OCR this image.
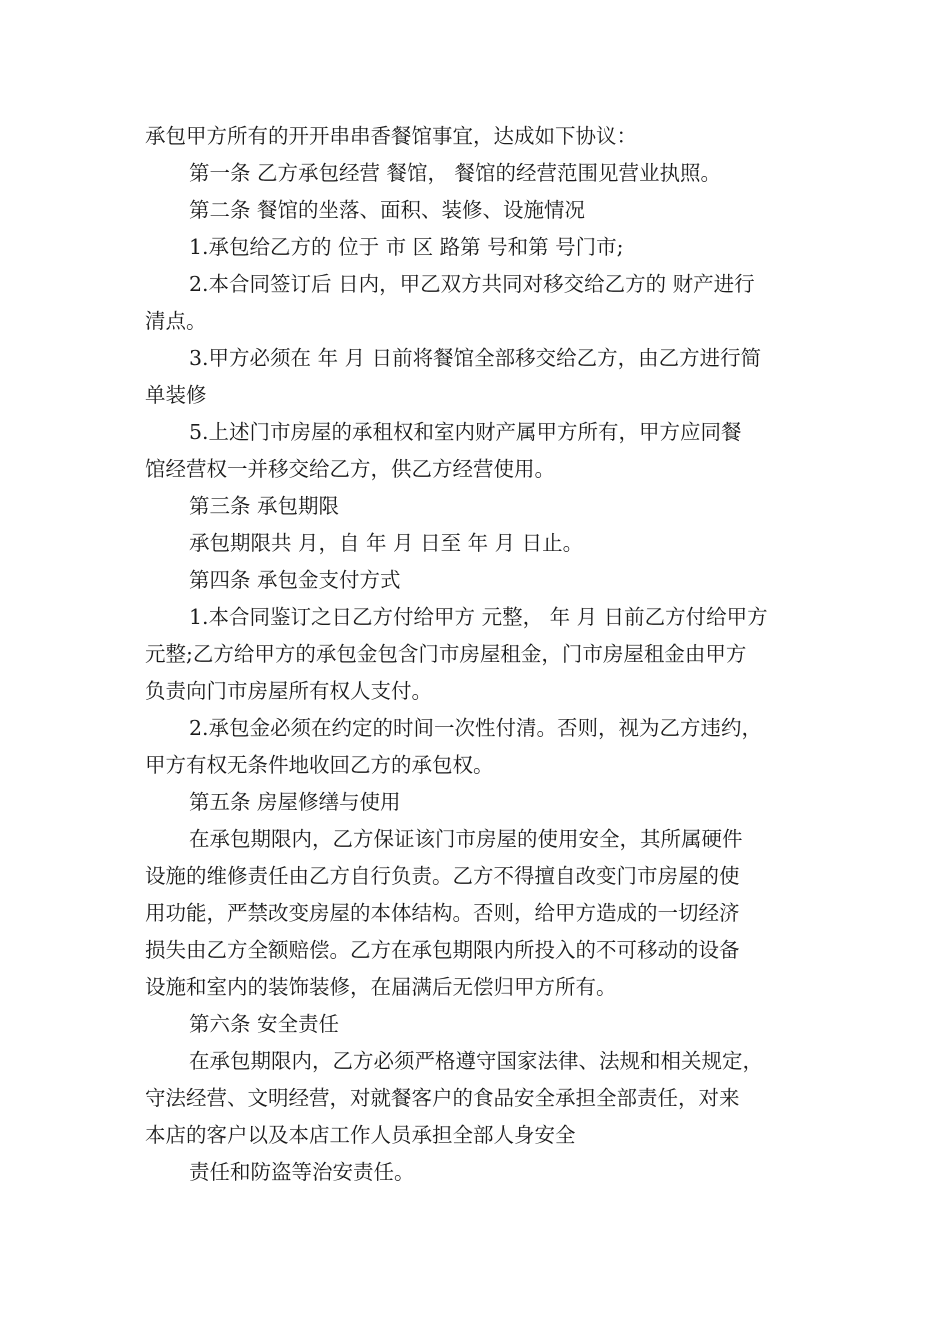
承包甲方所有的开开串串香餐馆事宜，达成如下协议：
第一条 乙方承包经营 餐馆， 餐馆的经营范围见营业执照。
第二条 餐馆的坐落、面积、装修、设施情况
1.承包给乙方的 位于 市 区 路第 号和第 号门市;
2.本合同签订后 日内，甲乙双方共同对移交给乙方的 财产进行
清点。
3.甲方必须在 年 月 日前将餐馆全部移交给乙方，由乙方进行简
单装修
5.上述门市房屋的承租权和室内财产属甲方所有，甲方应同餐
馆经营权一并移交给乙方，供乙方经营使用。
第三条 承包期限
承包期限共 月，自 年 月 日至 年 月 日止。
第四条 承包金支付方式
1.本合同鉴订之日乙方付给甲方 元整， 年 月 日前乙方付给甲方
元整;乙方给甲方的承包金包含门市房屋租金，门市房屋租金由甲方
负责向门市房屋所有权人支付。
2.承包金必须在约定的时间一次性付清。否则，视为乙方违约，
甲方有权无条件地收回乙方的承包权。
第五条 房屋修缮与使用
在承包期限内，乙方保证该门市房屋的使用安全，其所属硬件
设施的维修责任由乙方自行负责。乙方不得擅自改变门市房屋的使
用功能，严禁改变房屋的本体结构。否则，给甲方造成的一切经济
损失由乙方全额赔偿。乙方在承包期限内所投入的不可移动的设备
设施和室内的装饰装修，在届满后无偿归甲方所有。
第六条 安全责任
在承包期限内，乙方必须严格遵守国家法律、法规和相关规定，
守法经营、文明经营，对就餐客户的食品安全承担全部责任，对来
本店的客户以及本店工作人员承担全部人身安全
责任和防盗等治安责任。
